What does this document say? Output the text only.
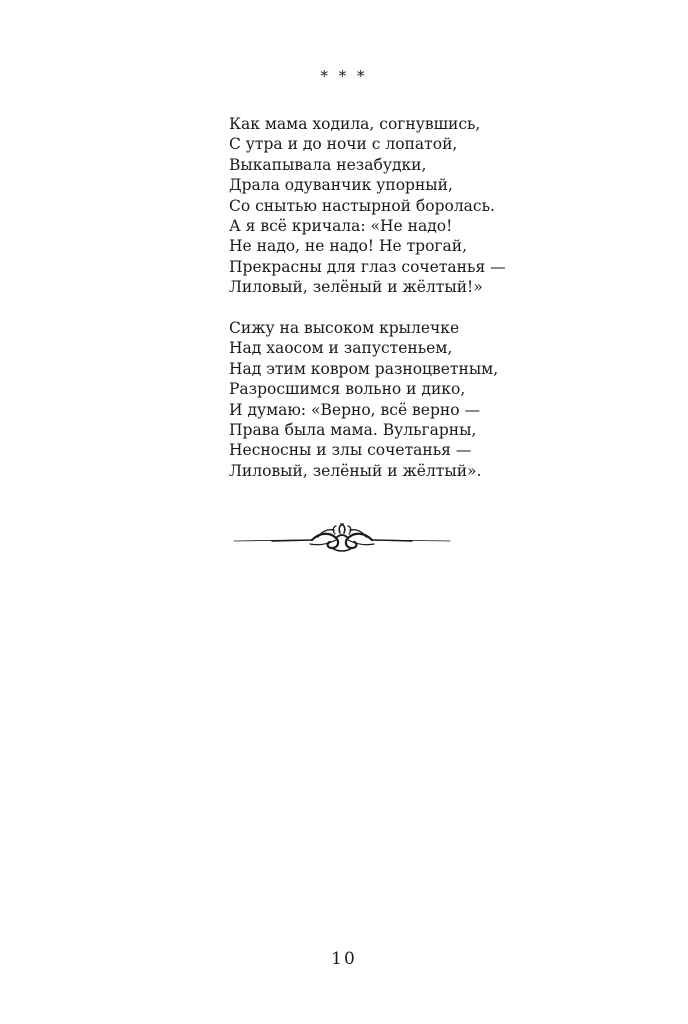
* * *
Как мама ходила, согнувшись,
С утра и до ночи с лопатой,
Выкапывала незабудки,
Драла одуванчик упорный,
Со снытью настырной боролась.
А я всё кричала: «Не надо!
Не надо, не надо! Не трогай,
Прекрасны для глаз сочетанья —
Лиловый, зелёный и жёлтый!»
Сижу на высоком крылечке
Над хаосом и запустеньем,
Над этим ковром разноцветным,
Разросшимся вольно и дико,
И думаю: «Верно, всё верно —
Права была мама. Вульгарны,
Несносны и злы сочетанья —
Лиловый, зелёный и жёлтый».
10
